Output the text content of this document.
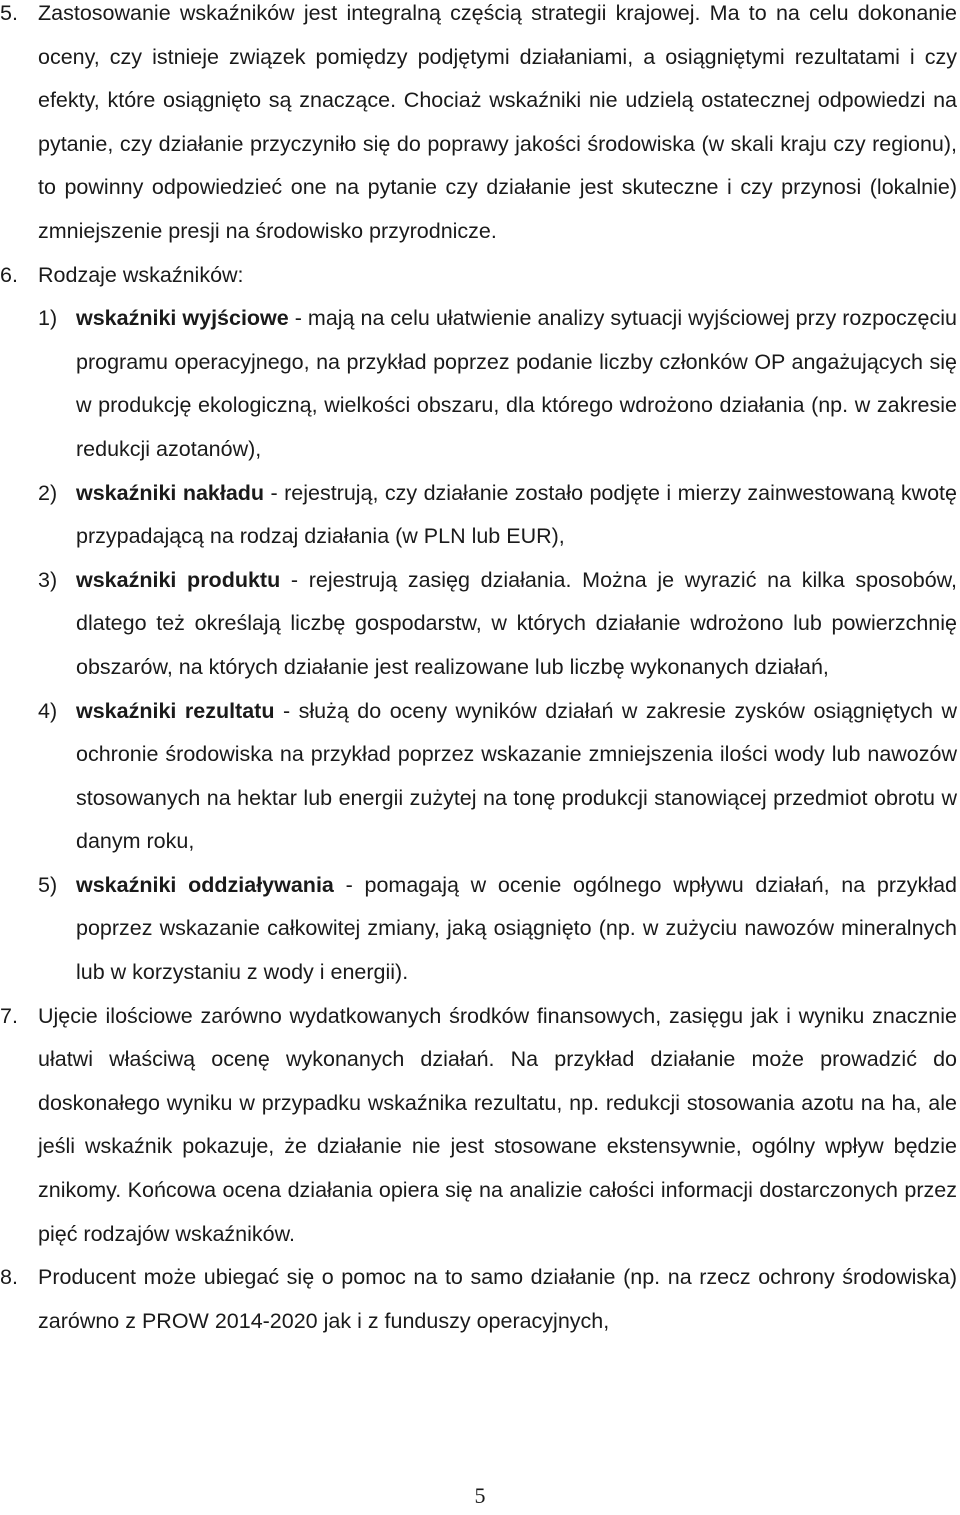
5. Zastosowanie wskaźników jest integralną częścią strategii krajowej. Ma to na celu dokonanie oceny, czy istnieje związek pomiędzy podjętymi działaniami, a osiągniętymi rezultatami i czy efekty, które osiągnięto są znaczące. Chociaż wskaźniki nie udzielą ostatecznej odpowiedzi na pytanie, czy działanie przyczyniło się do poprawy jakości środowiska (w skali kraju czy regionu), to powinny odpowiedzieć one na pytanie czy działanie jest skuteczne i czy przynosi (lokalnie) zmniejszenie presji na środowisko przyrodnicze.
6. Rodzaje wskaźników:
1) wskaźniki wyjściowe - mają na celu ułatwienie analizy sytuacji wyjściowej przy rozpoczęciu programu operacyjnego, na przykład poprzez podanie liczby członków OP angażujących się w produkcję ekologiczną, wielkości obszaru, dla którego wdrożono działania (np. w zakresie redukcji azotanów),
2) wskaźniki nakładu - rejestrują, czy działanie zostało podjęte i mierzy zainwestowaną kwotę przypadającą na rodzaj działania (w PLN lub EUR),
3) wskaźniki produktu - rejestrują zasięg działania. Można je wyrazić na kilka sposobów, dlatego też określają liczbę gospodarstw, w których działanie wdrożono lub powierzchnię obszarów, na których działanie jest realizowane lub liczbę wykonanych działań,
4) wskaźniki rezultatu - służą do oceny wyników działań w zakresie zysków osiągniętych w ochronie środowiska na przykład poprzez wskazanie zmniejszenia ilości wody lub nawozów stosowanych na hektar lub energii zużytej na tonę produkcji stanowiącej przedmiot obrotu w danym roku,
5) wskaźniki oddziaływania - pomagają w ocenie ogólnego wpływu działań, na przykład poprzez wskazanie całkowitej zmiany, jaką osiągnięto (np. w zużyciu nawozów mineralnych lub w korzystaniu z wody i energii).
7. Ujęcie ilościowe zarówno wydatkowanych środków finansowych, zasięgu jak i wyniku znacznie ułatwi właściwą ocenę wykonanych działań. Na przykład działanie może prowadzić do doskonałego wyniku w przypadku wskaźnika rezultatu, np. redukcji stosowania azotu na ha, ale jeśli wskaźnik pokazuje, że działanie nie jest stosowane ekstensywnie, ogólny wpływ będzie znikomy. Końcowa ocena działania opiera się na analizie całości informacji dostarczonych przez pięć rodzajów wskaźników.
8. Producent może ubiegać się o pomoc na to samo działanie (np. na rzecz ochrony środowiska) zarówno z PROW 2014-2020 jak i z funduszy operacyjnych,
5
